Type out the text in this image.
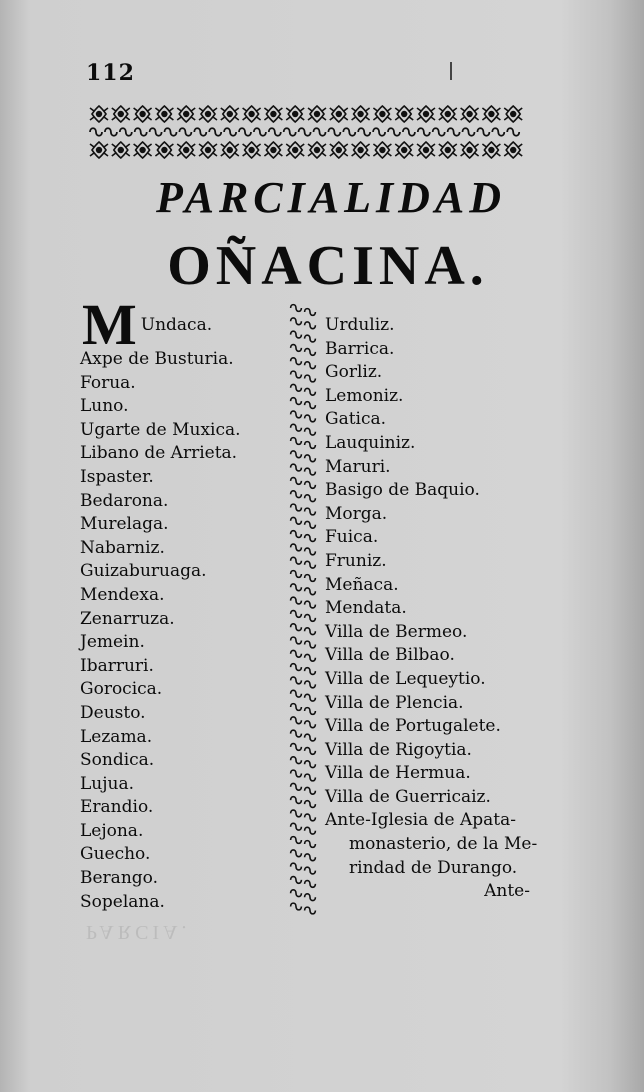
112
PARCIALIDAD
OÑACINA.
M Undaca.
Axpe de Busturia.
Forua.
Luno.
Ugarte de Muxica.
Libano de Arrieta.
Ispaster.
Bedarona.
Murelaga.
Nabarniz.
Guizaburuaga.
Mendexa.
Zenarruza.
Jemein.
Ibarruri.
Gorocica.
Deusto.
Lezama.
Sondica.
Lujua.
Erandio.
Lejona.
Guecho.
Berango.
Sopelana.
Urduliz.
Barrica.
Gorliz.
Lemoniz.
Gatica.
Lauquiniz.
Maruri.
Basigo de Baquio.
Morga.
Fuica.
Fruniz.
Meñaca.
Mendata.
Villa de Bermeo.
Villa de Bilbao.
Villa de Lequeytio.
Villa de Plencia.
Villa de Portugalete.
Villa de Rigoytia.
Villa de Hermua.
Villa de Guerricaiz.
Ante-Iglesia de Apata-
monasterio, de la Me-
rindad de Durango.
Ante-
PARCIA.
